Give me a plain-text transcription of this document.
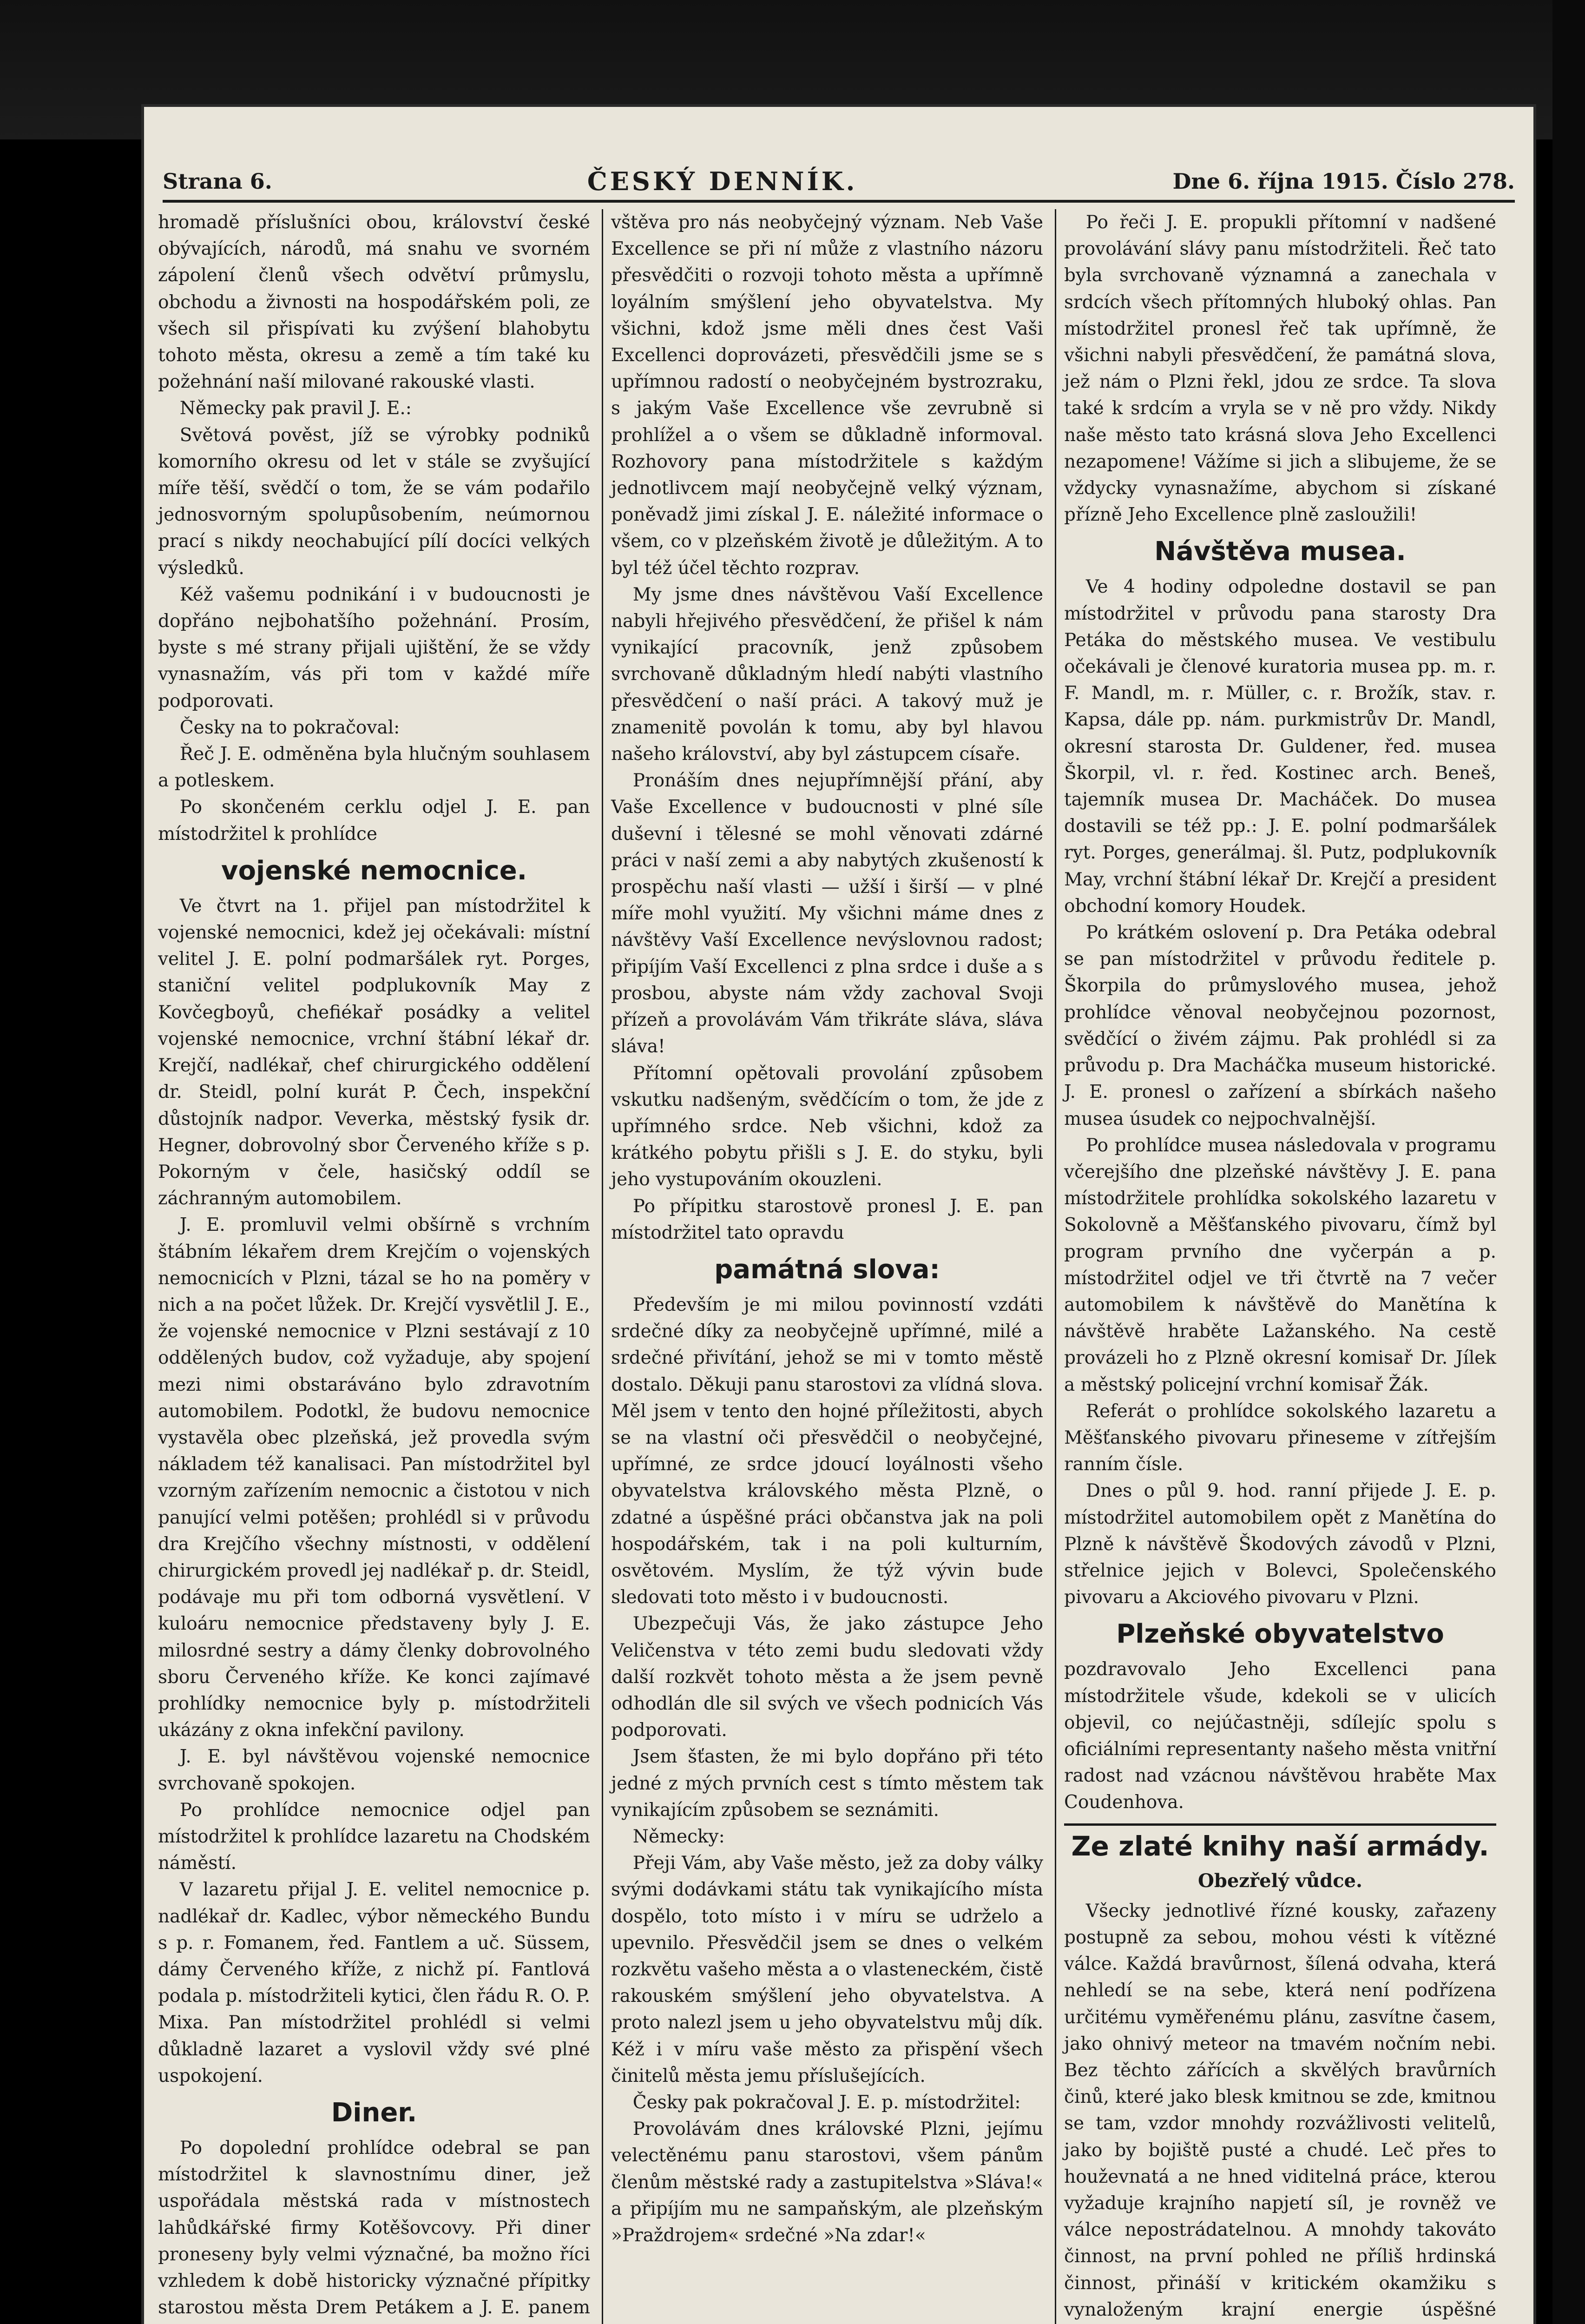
Strana 6.	ČESKÝ DENNÍK.	Dne 6. října 1915. Číslo 278.

hromadě příslušníci obou, království české obývajících, národů, má snahu ve svorném zápolení členů všech odvětví průmyslu, obchodu a živnosti na hospodářském poli, ze všech sil přispívati ku zvýšení blahobytu tohoto města, okresu a země a tím také ku požehnání naší milované rakouské vlasti.

Německy pak pravil J. E.:

Světová pověst, jíž se výrobky podniků komorního okresu od let v stále se zvyšující míře těší, svědčí o tom, že se vám podařilo jednosvorným spolupůsobením, neúmornou prací s nikdy neochabující pílí docíci velkých výsledků.

Kéž vašemu podnikání i v budoucnosti je dopřáno nejbohatšího požehnání. Prosím, byste s mé strany přijali ujištění, že se vždy vynasnažím, vás při tom v každé míře podporovati.

Česky na to pokračoval:

Řeč J. E. odměněna byla hlučným souhlasem a potleskem.

Po skončeném cerklu odjel J. E. pan místodržitel k prohlídce

vojenské nemocnice.

Ve čtvrt na 1. přijel pan místodržitel k vojenské nemocnici, kdež jej očekávali: místní velitel J. E. polní podmaršálek ryt. Porges, staniční velitel podplukovník May z Kovčegboyů, chefiékař posádky a velitel vojenské nemocnice, vrchní štábní lékař dr. Krejčí, nadlékař, chef chirurgického oddělení dr. Steidl, polní kurát P. Čech, inspekční důstojník nadpor. Veverka, městský fysik dr. Hegner, dobrovolný sbor Červeného kříže s p. Pokorným v čele, hasičský oddíl se záchranným automobilem.

J. E. promluvil velmi obšírně s vrchním štábním lékařem drem Krejčím o vojenských nemocnicích v Plzni, tázal se ho na poměry v nich a na počet lůžek. Dr. Krejčí vysvětlil J. E., že vojenské nemocnice v Plzni sestávají z 10 oddělených budov, což vyžaduje, aby spojení mezi nimi obstaráváno bylo zdravotním automobilem. Podotkl, že budovu nemocnice vystavěla obec plzeňská, jež provedla svým nákladem též kanalisaci. Pan místodržitel byl vzorným zařízením nemocnic a čistotou v nich panující velmi potěšen; prohlédl si v průvodu dra Krejčího všechny místnosti, v oddělení chirurgickém provedl jej nadlékař p. dr. Steidl, podávaje mu při tom odborná vysvětlení. V kuloáru nemocnice představeny byly J. E. milosrdné sestry a dámy členky dobrovolného sboru Červeného kříže. Ke konci zajímavé prohlídky nemocnice byly p. místodržiteli ukázány z okna infekční pavilony.

J. E. byl návštěvou vojenské nemocnice svrchovaně spokojen.

Po prohlídce nemocnice odjel pan místodržitel k prohlídce lazaretu na Chodském náměstí.

V lazaretu přijal J. E. velitel nemocnice p. nadlékař dr. Kadlec, výbor německého Bundu s p. r. Fomanem, řed. Fantlem a uč. Süssem, dámy Červeného kříže, z nichž pí. Fantlová podala p. místodržiteli kytici, člen řádu R. O. P. Mixa. Pan místodržitel prohlédl si velmi důkladně lazaret a vyslovil vždy své plné uspokojení.

Diner.

Po dopolední prohlídce odebral se pan místodržitel k slavnostnímu diner, jež uspořádala městská rada v místnostech lahůdkářské firmy Kotěšovcovy. Při diner proneseny byly velmi význačné, ba možno říci vzhledem k době historicky význačné přípitky starostou města Drem Petákem a J. E. panem

vštěva pro nás neobyčejný význam. Neb Vaše Excellence se při ní může z vlastního názoru přesvědčiti o rozvoji tohoto města a upřímně loyálním smýšlení jeho obyvatelstva. My všichni, kdož jsme měli dnes čest Vaši Excellenci doprovázeti, přesvědčili jsme se s upřímnou radostí o neobyčejném bystrozraku, s jakým Vaše Excellence vše zevrubně si prohlížel a o všem se důkladně informoval. Rozhovory pana místodržitele s každým jednotlivcem mají neobyčejně velký význam, poněvadž jimi získal J. E. náležité informace o všem, co v plzeňském životě je důležitým. A to byl též účel těchto rozprav.

My jsme dnes návštěvou Vaší Excellence nabyli hřejivého přesvědčení, že přišel k nám vynikající pracovník, jenž způsobem svrchovaně důkladným hledí nabýti vlastního přesvědčení o naší práci. A takový muž je znamenitě povolán k tomu, aby byl hlavou našeho království, aby byl zástupcem císaře.

Pronáším dnes nejupřímnější přání, aby Vaše Excellence v budoucnosti v plné síle duševní i tělesné se mohl věnovati zdárné práci v naší zemi a aby nabytých zkušeností k prospěchu naší vlasti — užší i širší — v plné míře mohl využití. My všichni máme dnes z návštěvy Vaší Excellence nevýslovnou radost; připíjím Vaší Excellenci z plna srdce i duše a s prosbou, abyste nám vždy zachoval Svoji přízeň a provolávám Vám třikráte sláva, sláva sláva!

Přítomní opětovali provolání způsobem vskutku nadšeným, svědčícím o tom, že jde z upřímného srdce. Neb všichni, kdož za krátkého pobytu přišli s J. E. do styku, byli jeho vystupováním okouzleni.

Po přípitku starostově pronesl J. E. pan místodržitel tato opravdu

památná slova:

Především je mi milou povinností vzdáti srdečné díky za neobyčejně upřímné, milé a srdečné přivítání, jehož se mi v tomto městě dostalo. Děkuji panu starostovi za vlídná slova. Měl jsem v tento den hojné příležitosti, abych se na vlastní oči přesvědčil o neobyčejné, upřímné, ze srdce jdoucí loyálnosti všeho obyvatelstva královského města Plzně, o zdatné a úspěšné práci občanstva jak na poli hospodářském, tak i na poli kulturním, osvětovém. Myslím, že týž vývin bude sledovati toto město i v budoucnosti.

Ubezpečuji Vás, že jako zástupce Jeho Veličenstva v této zemi budu sledovati vždy další rozkvět tohoto města a že jsem pevně odhodlán dle sil svých ve všech podnicích Vás podporovati.

Jsem šťasten, že mi bylo dopřáno při této jedné z mých prvních cest s tímto městem tak vynikajícím způsobem se seznámiti.

Německy:

Přeji Vám, aby Vaše město, jež za doby války svými dodávkami státu tak vynikajícího místa dospělo, toto místo i v míru se udrželo a upevnilo. Přesvědčil jsem se dnes o velkém rozkvětu vašeho města a o vlasteneckém, čistě rakouském smýšlení jeho obyvatelstva. A proto nalezl jsem u jeho obyvatelstvu můj dík. Kéž i v míru vaše město za přispění všech činitelů města jemu příslušejících.

Česky pak pokračoval J. E. p. místodržitel:

Provolávám dnes královské Plzni, jejímu velectěnému panu starostovi, všem pánům členům městské rady a zastupitelstva »Sláva!« a připíjím mu ne sampaňským, ale plzeňským »Praždrojem« srdečné »Na zdar!«

Po řeči J. E. propukli přítomní v nadšené provolávání slávy panu místodržiteli. Řeč tato byla svrchovaně významná a zanechala v srdcích všech přítomných hluboký ohlas. Pan místodržitel pronesl řeč tak upřímně, že všichni nabyli přesvědčení, že památná slova, jež nám o Plzni řekl, jdou ze srdce. Ta slova také k srdcím a vryla se v ně pro vždy. Nikdy naše město tato krásná slova Jeho Excellenci nezapomene! Vážíme si jich a slibujeme, že se vždycky vynasnažíme, abychom si získané přízně Jeho Excellence plně zasloužili!

Návštěva musea.

Ve 4 hodiny odpoledne dostavil se pan místodržitel v průvodu pana starosty Dra Petáka do městského musea. Ve vestibulu očekávali je členové kuratoria musea pp. m. r. F. Mandl, m. r. Müller, c. r. Brožík, stav. r. Kapsa, dále pp. nám. purkmistrův Dr. Mandl, okresní starosta Dr. Guldener, řed. musea Škorpil, vl. r. řed. Kostinec arch. Beneš, tajemník musea Dr. Macháček. Do musea dostavili se též pp.: J. E. polní podmaršálek ryt. Porges, generálmaj. šl. Putz, podplukovník May, vrchní štábní lékař Dr. Krejčí a president obchodní komory Houdek.

Po krátkém oslovení p. Dra Petáka odebral se pan místodržitel v průvodu ředitele p. Škorpila do průmyslového musea, jehož prohlídce věnoval neobyčejnou pozornost, svědčící o živém zájmu. Pak prohlédl si za průvodu p. Dra Macháčka museum historické. J. E. pronesl o zařízení a sbírkách našeho musea úsudek co nejpochvalnější.

Po prohlídce musea následovala v programu včerejšího dne plzeňské návštěvy J. E. pana místodržitele prohlídka sokolského lazaretu v Sokolovně a Měšťanského pivovaru, čímž byl program prvního dne vyčerpán a p. místodržitel odjel ve tři čtvrtě na 7 večer automobilem k návštěvě do Manětína k návštěvě hraběte Lažanského. Na cestě provázeli ho z Plzně okresní komisař Dr. Jílek a městský policejní vrchní komisař Žák.

Referát o prohlídce sokolského lazaretu a Měšťanského pivovaru přineseme v zítřejším ranním čísle.

Dnes o půl 9. hod. ranní přijede J. E. p. místodržitel automobilem opět z Manětína do Plzně k návštěvě Škodových závodů v Plzni, střelnice jejich v Bolevci, Společenského pivovaru a Akciového pivovaru v Plzni.

Plzeňské obyvatelstvo

pozdravovalo Jeho Excellenci pana místodržitele všude, kdekoli se v ulicích objevil, co nejúčastněji, sdílejíc spolu s oficiálními representanty našeho města vnitřní radost nad vzácnou návštěvou hraběte Max Coudenhova.

Ze zlaté knihy naší armády.
Obezřelý vůdce.

Všecky jednotlivé řízné kousky, zařazeny postupně za sebou, mohou vésti k vítězné válce. Každá bravůrnost, šílená odvaha, která nehledí se na sebe, která není podřízena určitému vyměřenému plánu, zasvítne časem, jako ohnivý meteor na tmavém nočním nebi. Bez těchto zářících a skvělých bravůrních činů, které jako blesk kmitnou se zde, kmitnou se tam, vzdor mnohdy rozvážlivosti velitelů, jako by bojiště pusté a chudé. Leč přes to houževnatá a ne hned viditelná práce, kterou vyžaduje krajního napjetí síl, je rovněž ve válce nepostrádatelnou. A mnohdy takováto činnost, na první pohled ne příliš hrdinská činnost, přináší v kritickém okamžiku s vynaloženým krajní energie úspěšné
